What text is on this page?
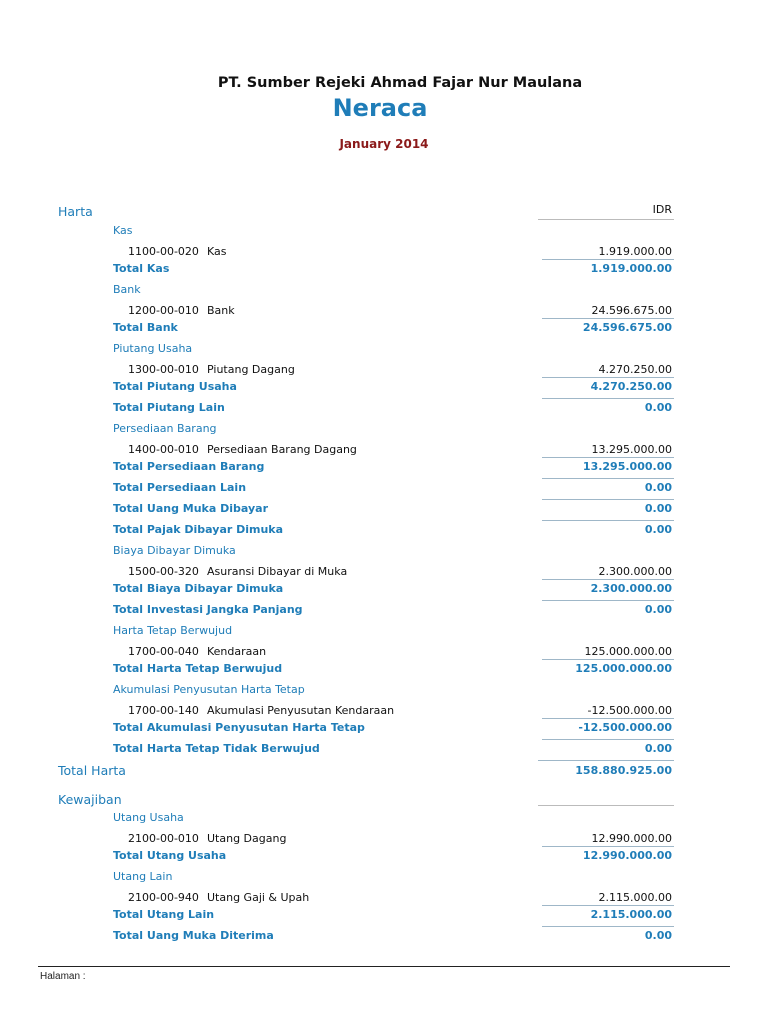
PT. Sumber Rejeki Ahmad Fajar Nur Maulana
Neraca
January 2014
IDR
Harta
Kas
1100-00-020 Kas	1.919.000.00
Total Kas	1.919.000.00
Bank
1200-00-010 Bank	24.596.675.00
Total Bank	24.596.675.00
Piutang Usaha
1300-00-010 Piutang Dagang	4.270.250.00
Total Piutang Usaha	4.270.250.00
Total Piutang Lain	0.00
Persediaan Barang
1400-00-010 Persediaan Barang Dagang	13.295.000.00
Total Persediaan Barang	13.295.000.00
Total Persediaan Lain	0.00
Total Uang Muka Dibayar	0.00
Total Pajak Dibayar Dimuka	0.00
Biaya Dibayar Dimuka
1500-00-320 Asuransi Dibayar di Muka	2.300.000.00
Total Biaya Dibayar Dimuka	2.300.000.00
Total Investasi Jangka Panjang	0.00
Harta Tetap Berwujud
1700-00-040 Kendaraan	125.000.000.00
Total Harta Tetap Berwujud	125.000.000.00
Akumulasi Penyusutan Harta Tetap
1700-00-140 Akumulasi Penyusutan Kendaraan	-12.500.000.00
Total Akumulasi Penyusutan Harta Tetap	-12.500.000.00
Total Harta Tetap Tidak Berwujud	0.00
Total Harta	158.880.925.00
Kewajiban
Utang Usaha
2100-00-010 Utang Dagang	12.990.000.00
Total Utang Usaha	12.990.000.00
Utang Lain
2100-00-940 Utang Gaji & Upah	2.115.000.00
Total Utang Lain	2.115.000.00
Total Uang Muka Diterima	0.00
Halaman :
